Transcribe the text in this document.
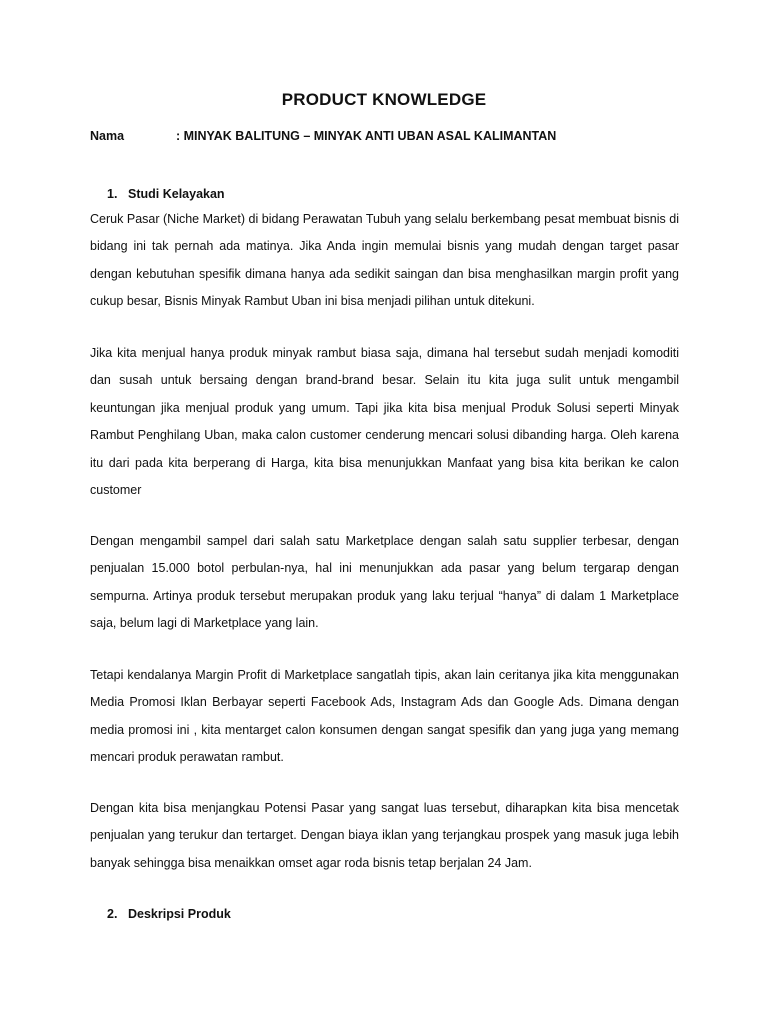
PRODUCT KNOWLEDGE
Nama	: MINYAK BALITUNG – MINYAK ANTI UBAN ASAL KALIMANTAN
1. Studi Kelayakan
Ceruk Pasar (Niche Market) di bidang Perawatan Tubuh yang selalu berkembang pesat membuat bisnis di bidang ini tak pernah ada matinya. Jika Anda ingin memulai bisnis yang mudah dengan target pasar dengan kebutuhan spesifik dimana hanya ada sedikit saingan dan bisa menghasilkan margin profit yang cukup besar, Bisnis Minyak Rambut Uban ini bisa menjadi pilihan untuk ditekuni.
Jika kita menjual hanya produk minyak rambut biasa saja, dimana hal tersebut sudah menjadi komoditi dan susah untuk bersaing dengan brand-brand besar. Selain itu kita juga sulit untuk mengambil keuntungan jika menjual produk yang umum. Tapi jika kita bisa menjual Produk Solusi seperti Minyak Rambut Penghilang Uban, maka calon customer cenderung mencari solusi dibanding harga. Oleh karena itu dari pada kita berperang di Harga, kita bisa menunjukkan Manfaat yang bisa kita berikan ke calon customer
Dengan mengambil sampel dari salah satu Marketplace dengan salah satu supplier terbesar, dengan penjualan 15.000 botol perbulan-nya, hal ini menunjukkan ada pasar yang belum tergarap dengan sempurna. Artinya produk tersebut merupakan produk yang laku terjual “hanya” di dalam 1 Marketplace saja, belum lagi di Marketplace yang lain.
Tetapi kendalanya Margin Profit di Marketplace sangatlah tipis, akan lain ceritanya jika kita menggunakan Media Promosi Iklan Berbayar seperti Facebook Ads, Instagram Ads dan Google Ads. Dimana dengan media promosi ini , kita mentarget calon konsumen dengan sangat spesifik dan yang juga yang memang mencari produk perawatan rambut.
Dengan kita bisa menjangkau Potensi Pasar yang sangat luas tersebut, diharapkan kita bisa mencetak penjualan yang terukur dan tertarget. Dengan biaya iklan yang terjangkau prospek yang masuk juga lebih banyak sehingga bisa menaikkan omset agar roda bisnis tetap berjalan 24 Jam.
2. Deskripsi Produk
